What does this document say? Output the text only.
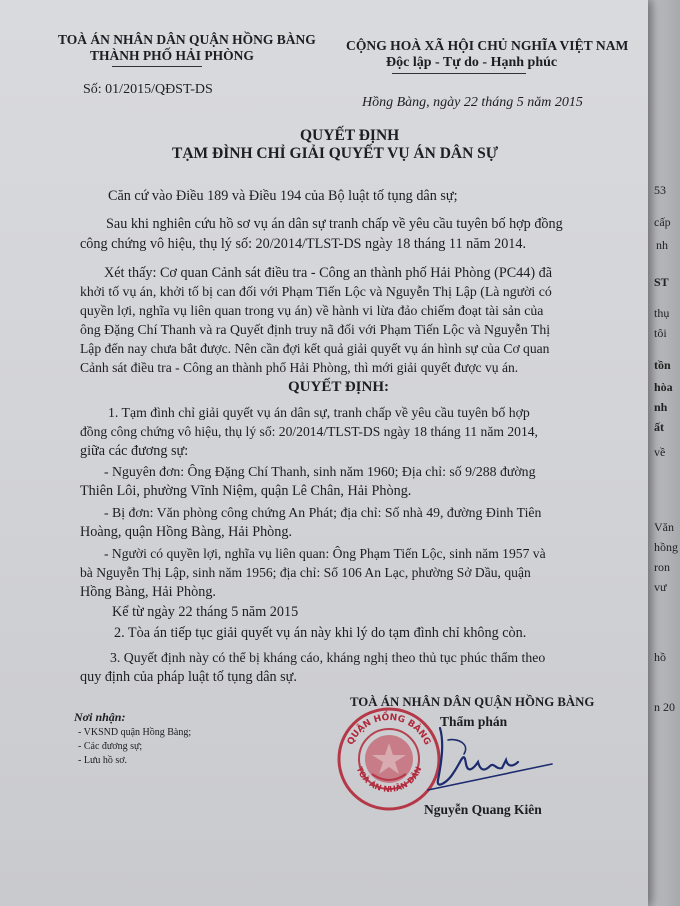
53
cấp
nh
ST
thụ
tôi
tồn
hòa
nh
ất
về
Văn
hồng
ron
vư
hồ
n 20
TOÀ ÁN NHÂN DÂN QUẬN HỒNG BÀNG
THÀNH PHỐ HẢI PHÒNG
Số: 01/2015/QĐST-DS
CỘNG HOÀ XÃ HỘI CHỦ NGHĨA VIỆT NAM
Độc lập - Tự do - Hạnh phúc
Hồng Bàng, ngày 22 tháng 5 năm 2015
QUYẾT ĐỊNH
TẠM ĐÌNH CHỈ GIẢI QUYẾT VỤ ÁN DÂN SỰ
Căn cứ vào Điều 189 và Điều 194 của Bộ luật tố tụng dân sự;
Sau khi nghiên cứu hồ sơ vụ án dân sự tranh chấp về yêu cầu tuyên bố hợp đồng
công chứng vô hiệu, thụ lý số: 20/2014/TLST-DS ngày 18 tháng 11 năm 2014.
Xét thấy: Cơ quan Cảnh sát điều tra - Công an thành phố Hải Phòng (PC44) đã
khởi tố vụ án, khởi tố bị can đối với Phạm Tiến Lộc và Nguyễn Thị Lập (Là người có
quyền lợi, nghĩa vụ liên quan trong vụ án) về hành vi lừa đảo chiếm đoạt tài sản của
ông Đặng Chí Thanh và ra Quyết định truy nã đối với Phạm Tiến Lộc và Nguyễn Thị
Lập đến nay chưa bắt được. Nên cần đợi kết quả giải quyết vụ án hình sự của Cơ quan
Cảnh sát điều tra - Công an thành phố Hải Phòng, thì mới giải quyết được vụ án.
QUYẾT ĐỊNH:
1. Tạm đình chỉ giải quyết vụ án dân sự, tranh chấp về yêu cầu tuyên bố hợp
đồng công chứng vô hiệu, thụ lý số: 20/2014/TLST-DS ngày 18 tháng 11 năm 2014,
giữa các đương sự:
- Nguyên đơn: Ông Đặng Chí Thanh, sinh năm 1960; Địa chỉ: số 9/288 đường
Thiên Lôi, phường Vĩnh Niệm, quận Lê Chân, Hải Phòng.
- Bị đơn: Văn phòng công chứng An Phát; địa chỉ: Số nhà 49, đường Đinh Tiên
Hoàng, quận Hồng Bàng, Hải Phòng.
- Người có quyền lợi, nghĩa vụ liên quan: Ông Phạm Tiến Lộc, sinh năm 1957 và
bà Nguyễn Thị Lập, sinh năm 1956; địa chỉ: Số 106 An Lạc, phường Sở Dầu, quận
Hồng Bàng, Hải Phòng.
Kể từ ngày 22 tháng 5 năm 2015
2. Tòa án tiếp tục giải quyết vụ án này khi lý do tạm đình chỉ không còn.
3. Quyết định này có thể bị kháng cáo, kháng nghị theo thủ tục phúc thẩm theo
quy định của pháp luật tố tụng dân sự.
Nơi nhận:
- VKSND quận Hồng Bàng;
- Các đương sự;
- Lưu hồ sơ.
TOÀ ÁN NHÂN DÂN QUẬN HỒNG BÀNG
Thẩm phán
QUẬN HỒNG BÀNG
TOÀ ÁN NHÂN DÂN
Nguyễn Quang Kiên
